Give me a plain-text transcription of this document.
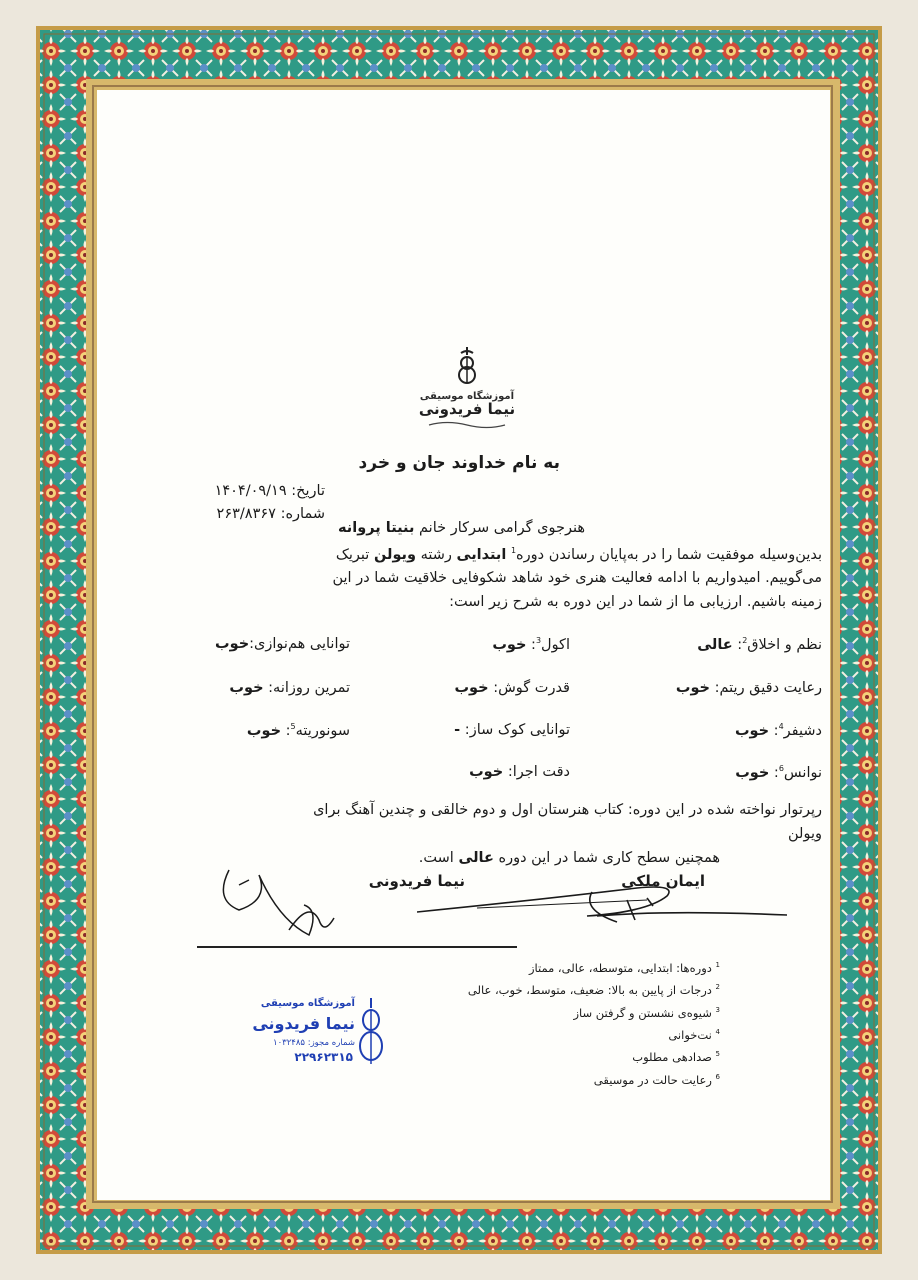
آموزشگاه موسیقی
نیما فریدونی
به نام خداوند جان و خرد
تاریخ: ۱۴۰۴/۰۹/۱۹
شماره: ۲۶۳/۸۳۶۷
هنرجوی گرامی سرکار خانم بنیتا پروانه
بدین‌وسیله موفقیت شما را در به‌پایان رساندن دوره$^1$ ابتدایی رشته ویولن تبریک
می‌گوییم. امیدواریم با ادامه فعالیت هنری خود شاهد شکوفایی خلاقیت شما در این
زمینه باشیم. ارزیابی ما از شما در این دوره به شرح زیر است:
نظم و اخلاق$^2$: عالی
اکول$^3$: خوب
توانایی هم‌نوازی:خوب
رعایت دقیق ریتم: خوب
قدرت گوش: خوب
تمرین روزانه: خوب
دشیفر$^4$: خوب
توانایی کوک ساز: -
سونوریته$^5$: خوب
نوانس$^6$: خوب
دقت اجرا: خوب
رپرتوار نواخته شده در این دوره: کتاب هنرستان اول و دوم خالقی و چندین آهنگ برای
ویولن
همچنین سطح کاری شما در این دوره عالی است.
ایمان ملکی
نیما فریدونی
$^1$ دوره‌ها: ابتدایی، متوسطه، عالی، ممتاز
$^2$ درجات از پایین به بالا: ضعیف، متوسط، خوب، عالی
$^3$ شیوه‌ی نشستن و گرفتن ساز
$^4$ نت‌خوانی
$^5$ صدادهی مطلوب
$^6$ رعایت حالت در موسیقی
آموزشگاه موسیقی
نیما فریدونی
شماره مجوز: ۱۰۳۲۴۸۵
۲۲۹۶۲۳۱۵
